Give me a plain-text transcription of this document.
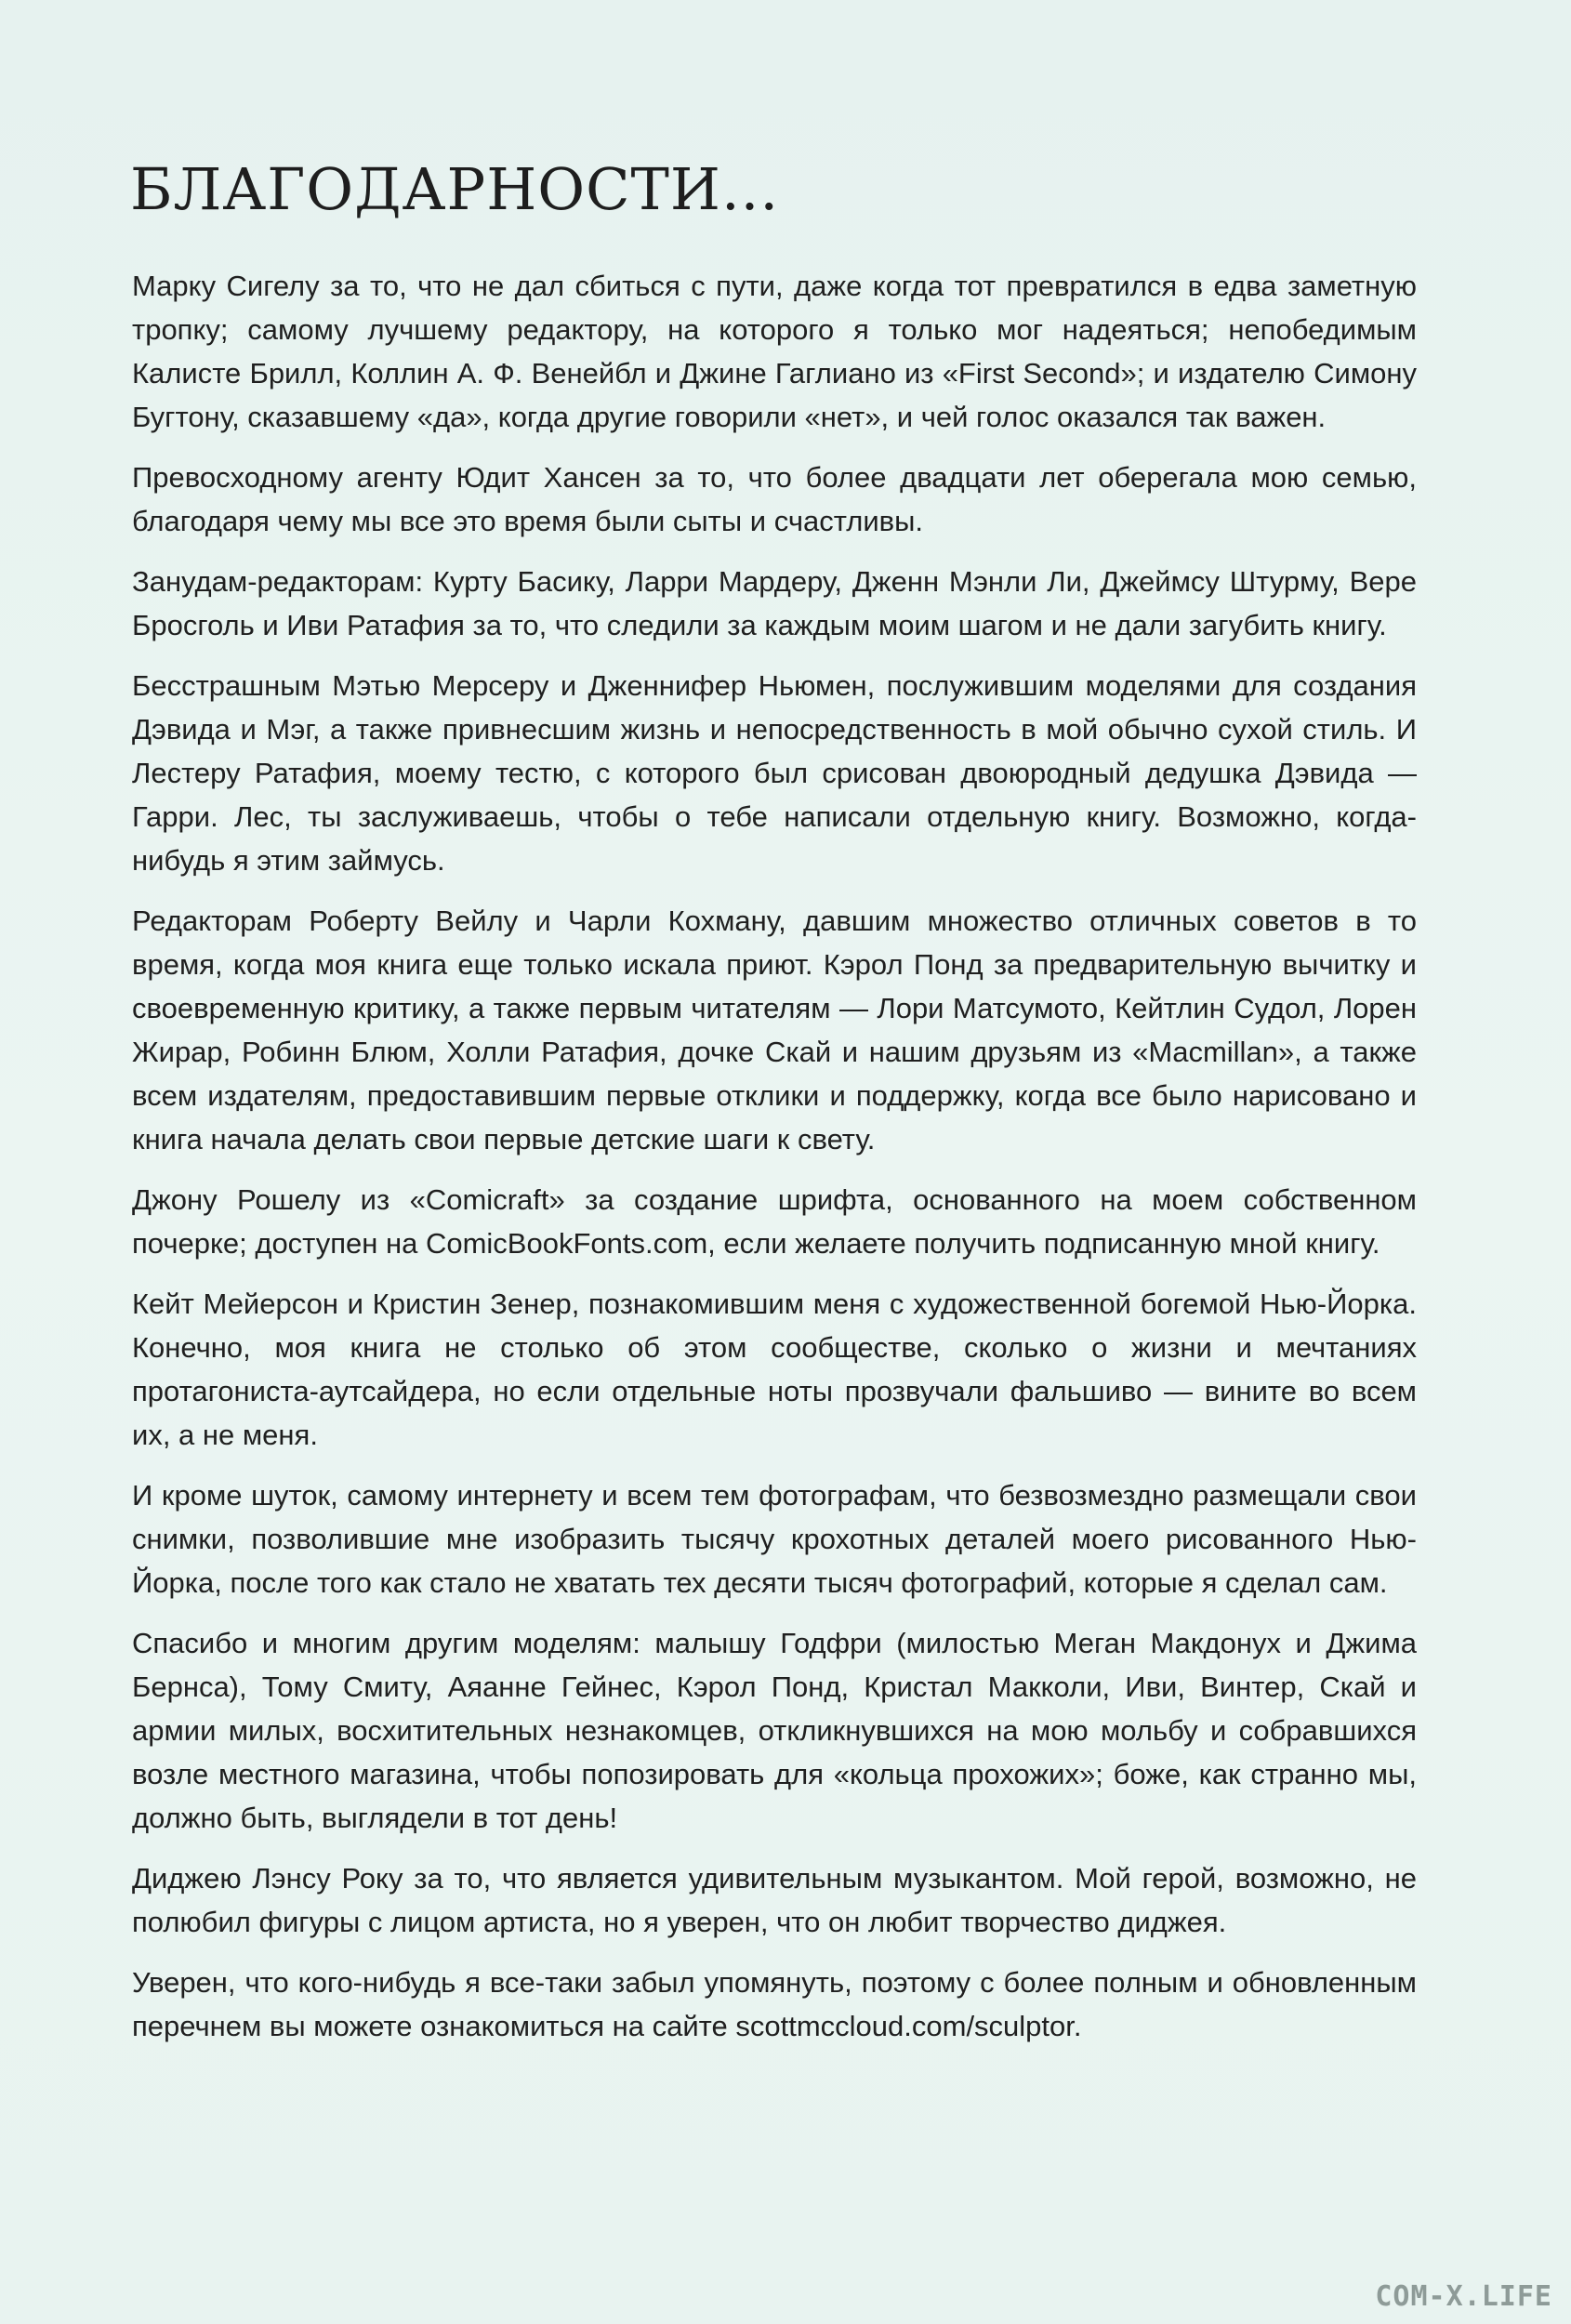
БЛАГОДАРНОСТИ...

Марку Сигелу за то, что не дал сбиться с пути, даже когда тот превратился в едва заметную тропку; самому лучшему редактору, на которого я только мог надеяться; непобедимым Калисте Брилл, Коллин А. Ф. Венейбл и Джине Гаглиано из «First Second»; и издателю Симону Бугтону, сказавшему «да», когда другие говорили «нет», и чей голос оказался так важен.

Превосходному агенту Юдит Хансен за то, что более двадцати лет оберегала мою семью, благодаря чему мы все это время были сыты и счастливы.

Занудам-редакторам: Курту Басику, Ларри Мардеру, Дженн Мэнли Ли, Джеймсу Штурму, Вере Бросголь и Иви Ратафия за то, что следили за каждым моим шагом и не дали загубить книгу.

Бесстрашным Мэтью Мерсеру и Дженнифер Ньюмен, послужившим моделями для создания Дэвида и Мэг, а также привнесшим жизнь и непосредственность в мой обычно сухой стиль. И Лестеру Ратафия, моему тестю, с которого был срисован двоюродный дедушка Дэвида — Гарри. Лес, ты заслуживаешь, чтобы о тебе написали отдельную книгу. Возможно, когда-нибудь я этим займусь.

Редакторам Роберту Вейлу и Чарли Кохману, давшим множество отличных советов в то время, когда моя книга еще только искала приют. Кэрол Понд за предварительную вычитку и своевременную критику, а также первым читателям — Лори Матсумото, Кейтлин Судол, Лорен Жирар, Робинн Блюм, Холли Ратафия, дочке Скай и нашим друзьям из «Macmillan», а также всем издателям, предоставившим первые отклики и поддержку, когда все было нарисовано и книга начала делать свои первые детские шаги к свету.

Джону Рошелу из «Comicraft» за создание шрифта, основанного на моем собственном почерке; доступен на ComicBookFonts.com, если желаете получить подписанную мной книгу.

Кейт Мейерсон и Кристин Зенер, познакомившим меня с художественной богемой Нью-Йорка. Конечно, моя книга не столько об этом сообществе, сколько о жизни и мечтаниях протагониста-аутсайдера, но если отдельные ноты прозвучали фальшиво — вините во всем их, а не меня.

И кроме шуток, самому интернету и всем тем фотографам, что безвозмездно размещали свои снимки, позволившие мне изобразить тысячу крохотных деталей моего рисованного Нью-Йорка, после того как стало не хватать тех десяти тысяч фотографий, которые я сделал сам.

Спасибо и многим другим моделям: малышу Годфри (милостью Меган Макдонух и Джима Бернса), Тому Смиту, Аяанне Гейнес, Кэрол Понд, Кристал Макколи, Иви, Винтер, Скай и армии милых, восхитительных незнакомцев, откликнувшихся на мою мольбу и собравшихся возле местного магазина, чтобы попозировать для «кольца прохожих»; боже, как странно мы, должно быть, выглядели в тот день!

Диджею Лэнсу Року за то, что является удивительным музыкантом. Мой герой, возможно, не полюбил фигуры с лицом артиста, но я уверен, что он любит творчество диджея.

Уверен, что кого-нибудь я все-таки забыл упомянуть, поэтому с более полным и обновленным перечнем вы можете ознакомиться на сайте scottmccloud.com/sculptor.

COM-X.LIFE
